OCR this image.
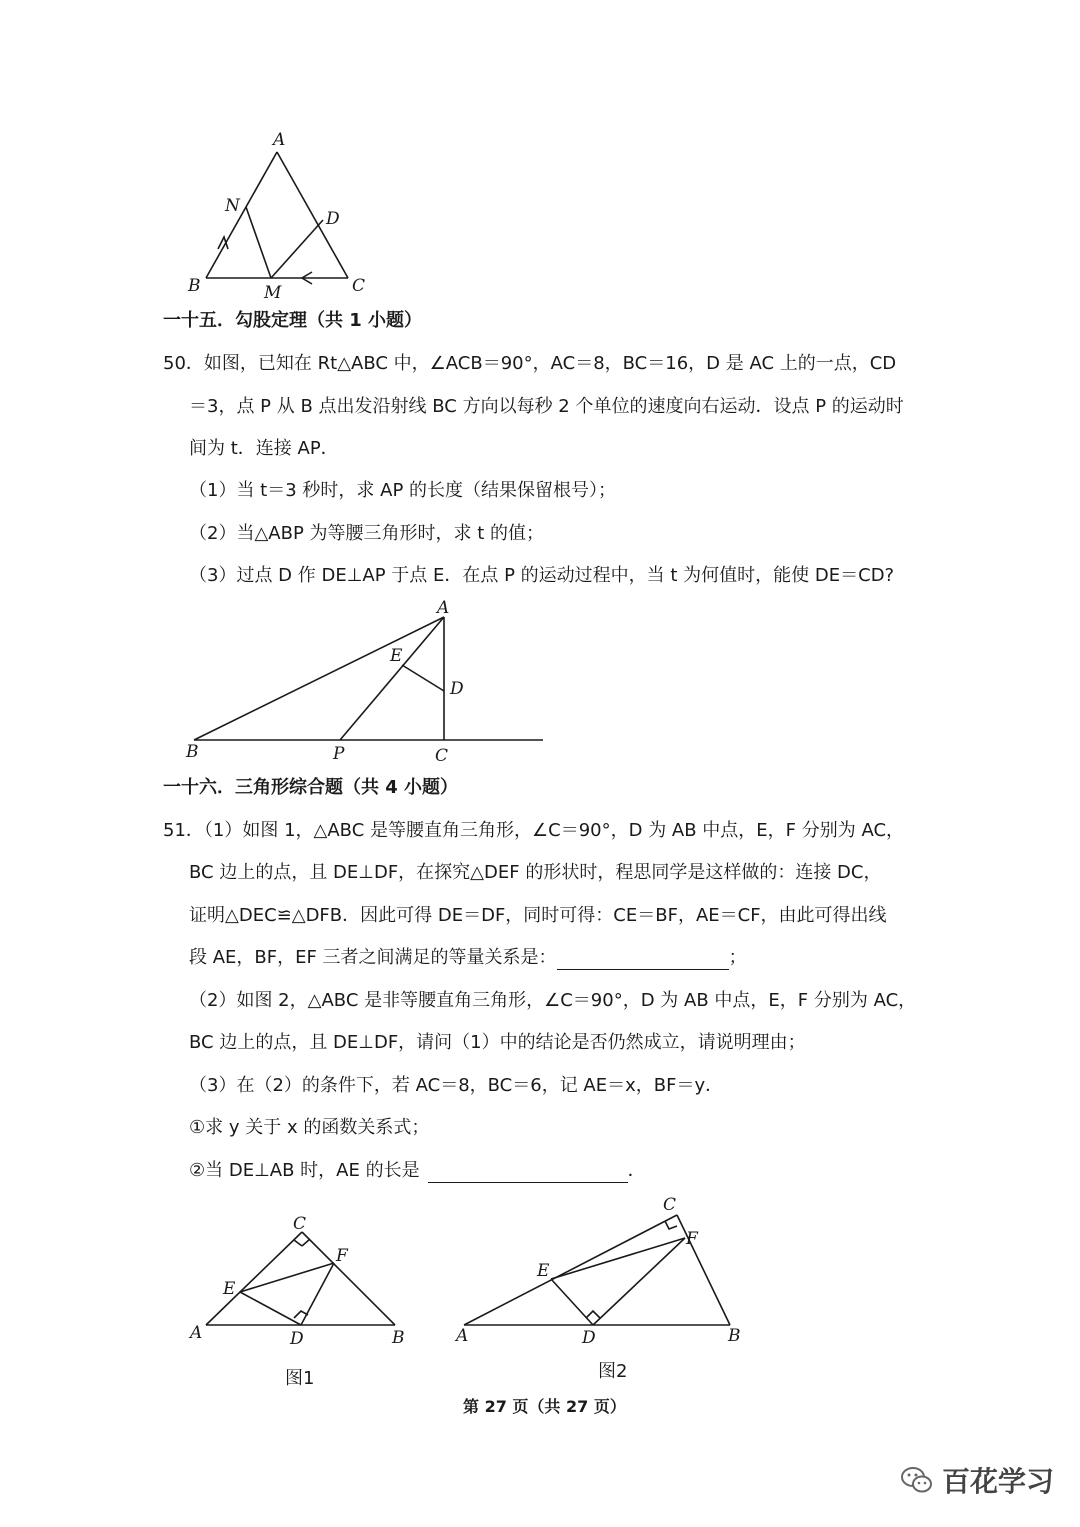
A
N
D
B	M	C
一十五．勾股定理（共 1 小题）
50．如图，已知在 Rt△ABC 中，∠ACB＝90°，AC＝8，BC＝16，D 是 AC 上的一点，CD
＝3，点 P 从 B 点出发沿射线 BC 方向以每秒 2 个单位的速度向右运动．设点 P 的运动时
间为 t．连接 AP．
（1）当 t＝3 秒时，求 AP 的长度（结果保留根号）；
（2）当△ABP 为等腰三角形时，求 t 的值；
（3）过点 D 作 DE⊥AP 于点 E．在点 P 的运动过程中，当 t 为何值时，能使 DE＝CD?
A
E
D
B	P	C
一十六．三角形综合题（共 4 小题）
51．（1）如图 1，△ABC 是等腰直角三角形，∠C＝90°，D 为 AB 中点，E，F 分别为 AC，
BC 边上的点，且 DE⊥DF，在探究△DEF 的形状时，程思同学是这样做的：连接 DC，
证明△DEC≌△DFB．因此可得 DE＝DF，同时可得：CE＝BF，AE＝CF，由此可得出线
段 AE，BF，EF 三者之间满足的等量关系是：	；
（2）如图 2，△ABC 是非等腰直角三角形，∠C＝90°，D 为 AB 中点，E，F 分别为 AC，
BC 边上的点，且 DE⊥DF，请问（1）中的结论是否仍然成立，请说明理由；
（3）在（2）的条件下，若 AC＝8，BC＝6，记 AE＝x，BF＝y．
①求 y 关于 x 的函数关系式；
②当 DE⊥AB 时，AE 的长是	．
C
F
E
A	D	B
图1
C
F
E
A	D	B
图2
第 27 页（共 27 页）
百花学习
